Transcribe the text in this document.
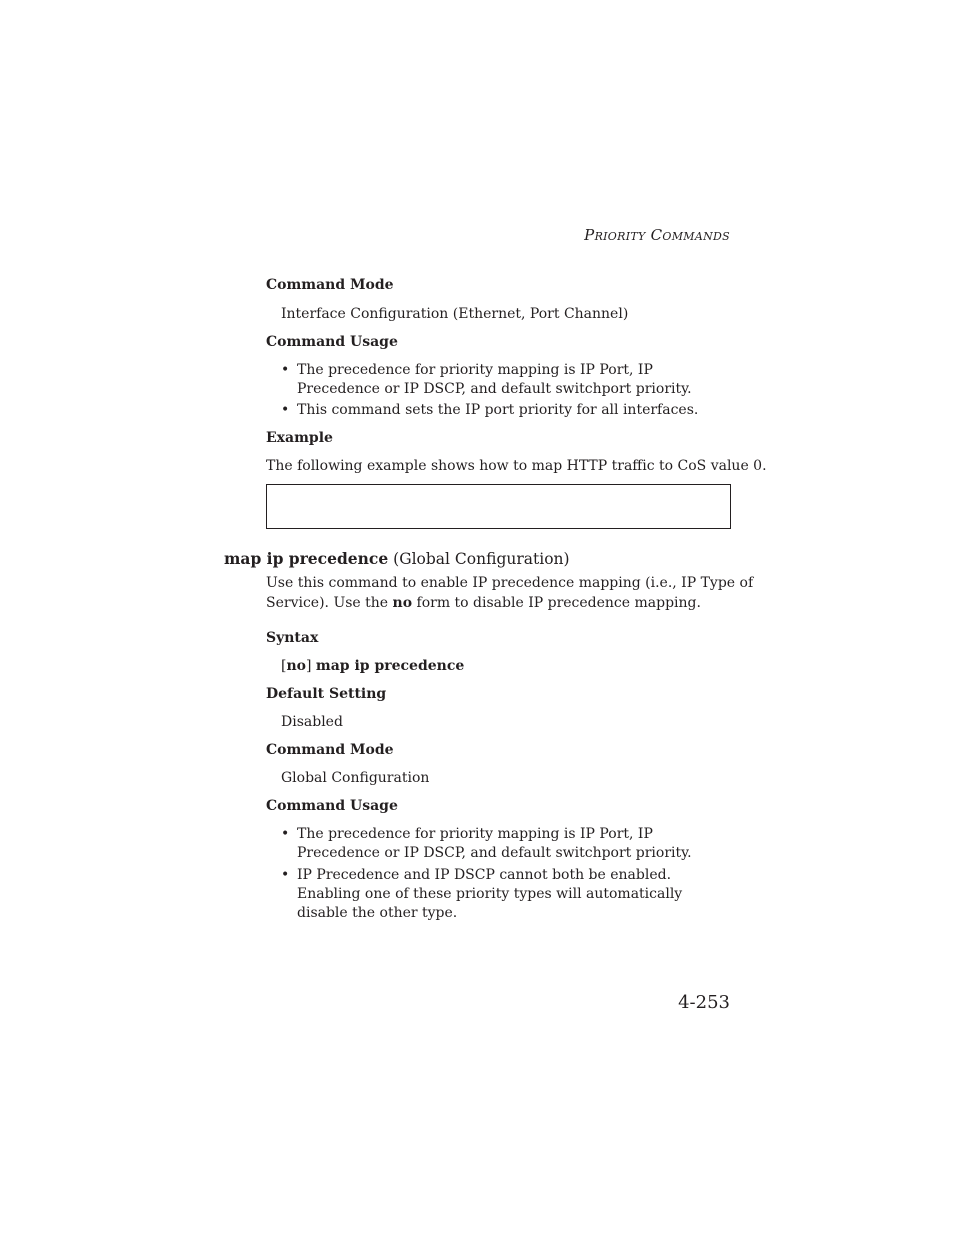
PRIORITY COMMANDS
Command Mode
Interface Configuration (Ethernet, Port Channel)
Command Usage
• The precedence for priority mapping is IP Port, IP Precedence or IP DSCP, and default switchport priority.
• This command sets the IP port priority for all interfaces.
Example
The following example shows how to map HTTP traffic to CoS value 0.
map ip precedence (Global Configuration)
Use this command to enable IP precedence mapping (i.e., IP Type of
Service). Use the no form to disable IP precedence mapping.
Syntax
[no] map ip precedence
Default Setting
Disabled
Command Mode
Global Configuration
Command Usage
• The precedence for priority mapping is IP Port, IP Precedence or IP DSCP, and default switchport priority.
• IP Precedence and IP DSCP cannot both be enabled. Enabling one of these priority types will automatically disable the other type.
4-253
